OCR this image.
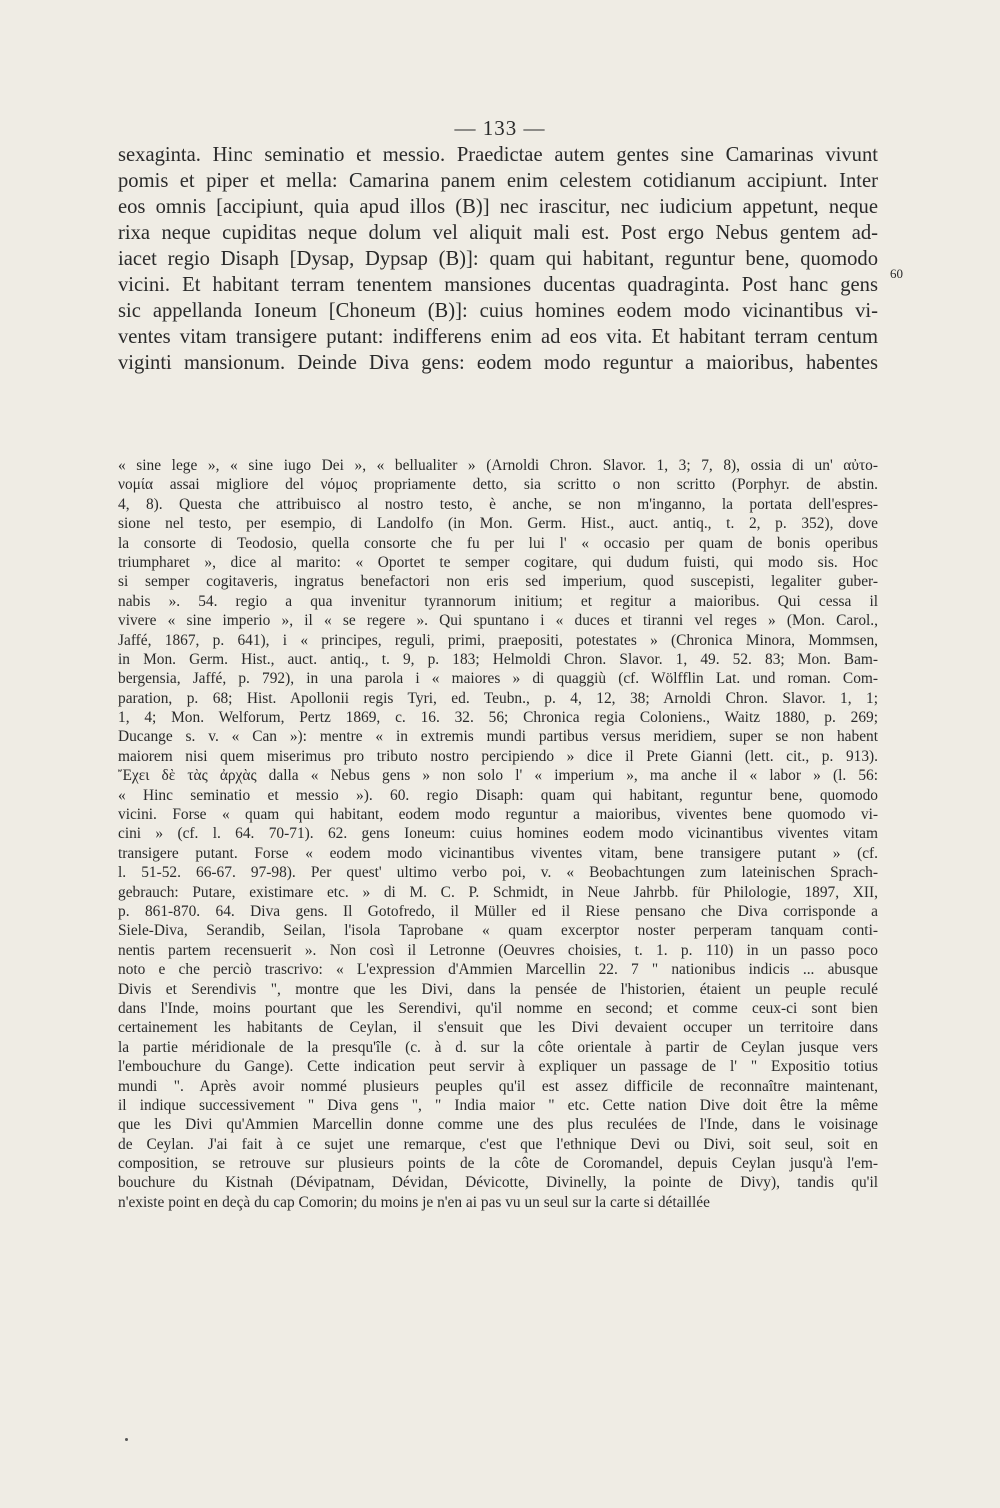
— 133 —
sexaginta. Hinc seminatio et messio. Praedictae autem gentes sine Camarinas vivunt
pomis et piper et mella: Camarina panem enim celestem cotidianum accipiunt. Inter
eos omnis [accipiunt, quia apud illos (B)] nec irascitur, nec iudicium appetunt, neque
rixa neque cupiditas neque dolum vel aliquit mali est. Post ergo Nebus gentem ad-
iacet regio Disaph [Dysap, Dypsap (B)]: quam qui habitant, reguntur bene, quomodo
vicini. Et habitant terram tenentem mansiones ducentas quadraginta. Post hanc gens
sic appellanda Ioneum [Choneum (B)]: cuius homines eodem modo vicinantibus vi-
ventes vitam transigere putant: indifferens enim ad eos vita. Et habitant terram centum
viginti mansionum. Deinde Diva gens: eodem modo reguntur a maioribus, habentes
60
« sine lege », « sine iugo Dei », « bellualiter » (Arnoldi Chron. Slavor. 1, 3; 7, 8), ossia di un' αὐτο-
νομία assai migliore del νόμος propriamente detto, sia scritto o non scritto (Porphyr. de abstin.
4, 8). Questa che attribuisco al nostro testo, è anche, se non m'inganno, la portata dell'espres-
sione nel testo, per esempio, di Landolfo (in Mon. Germ. Hist., auct. antiq., t. 2, p. 352), dove
la consorte di Teodosio, quella consorte che fu per lui l' « occasio per quam de bonis operibus
triumpharet », dice al marito: « Oportet te semper cogitare, qui dudum fuisti, qui modo sis. Hoc
si semper cogitaveris, ingratus benefactori non eris sed imperium, quod suscepisti, legaliter guber-
nabis ». 54. regio a qua invenitur tyrannorum initium; et regitur a maioribus. Qui cessa il
vivere « sine imperio », il « se regere ». Qui spuntano i « duces et tiranni vel reges » (Mon. Carol.,
Jaffé, 1867, p. 641), i « principes, reguli, primi, praepositi, potestates » (Chronica Minora, Mommsen,
in Mon. Germ. Hist., auct. antiq., t. 9, p. 183; Helmoldi Chron. Slavor. 1, 49. 52. 83; Mon. Bam-
bergensia, Jaffé, p. 792), in una parola i « maiores » di quaggiù (cf. Wölfflin Lat. und roman. Com-
paration, p. 68; Hist. Apollonii regis Tyri, ed. Teubn., p. 4, 12, 38; Arnoldi Chron. Slavor. 1, 1;
1, 4; Mon. Welforum, Pertz 1869, c. 16. 32. 56; Chronica regia Coloniens., Waitz 1880, p. 269;
Ducange s. v. « Can »): mentre « in extremis mundi partibus versus meridiem, super se non habent
maiorem nisi quem miserimus pro tributo nostro percipiendo » dice il Prete Gianni (lett. cit., p. 913).
Ἔχει δὲ τὰς ἀρχὰς dalla « Nebus gens » non solo l' « imperium », ma anche il « labor » (l. 56:
« Hinc seminatio et messio »). 60. regio Disaph: quam qui habitant, reguntur bene, quomodo
vicini. Forse « quam qui habitant, eodem modo reguntur a maioribus, viventes bene quomodo vi-
cini » (cf. l. 64. 70-71). 62. gens Ioneum: cuius homines eodem modo vicinantibus viventes vitam
transigere putant. Forse « eodem modo vicinantibus viventes vitam, bene transigere putant » (cf.
l. 51-52. 66-67. 97-98). Per quest' ultimo verbo poi, v. « Beobachtungen zum lateinischen Sprach-
gebrauch: Putare, existimare etc. » di M. C. P. Schmidt, in Neue Jahrbb. für Philologie, 1897, XII,
p. 861-870. 64. Diva gens. Il Gotofredo, il Müller ed il Riese pensano che Diva corrisponde a
Siele-Diva, Serandib, Seilan, l'isola Taprobane « quam excerptor noster perperam tanquam conti-
nentis partem recensuerit ». Non così il Letronne (Oeuvres choisies, t. 1. p. 110) in un passo poco
noto e che perciò trascrivo: « L'expression d'Ammien Marcellin 22. 7 " nationibus indicis ... abusque
Divis et Serendivis ", montre que les Divi, dans la pensée de l'historien, étaient un peuple reculé
dans l'Inde, moins pourtant que les Serendivi, qu'il nomme en second; et comme ceux-ci sont bien
certainement les habitants de Ceylan, il s'ensuit que les Divi devaient occuper un territoire dans
la partie méridionale de la presqu'île (c. à d. sur la côte orientale à partir de Ceylan jusque vers
l'embouchure du Gange). Cette indication peut servir à expliquer un passage de l' " Expositio totius
mundi ". Après avoir nommé plusieurs peuples qu'il est assez difficile de reconnaître maintenant,
il indique successivement " Diva gens ", " India maior " etc. Cette nation Dive doit être la même
que les Divi qu'Ammien Marcellin donne comme une des plus reculées de l'Inde, dans le voisinage
de Ceylan. J'ai fait à ce sujet une remarque, c'est que l'ethnique Devi ou Divi, soit seul, soit en
composition, se retrouve sur plusieurs points de la côte de Coromandel, depuis Ceylan jusqu'à l'em-
bouchure du Kistnah (Dévipatnam, Dévidan, Dévicotte, Divinelly, la pointe de Divy), tandis qu'il
n'existe point en deçà du cap Comorin; du moins je n'en ai pas vu un seul sur la carte si détaillée
